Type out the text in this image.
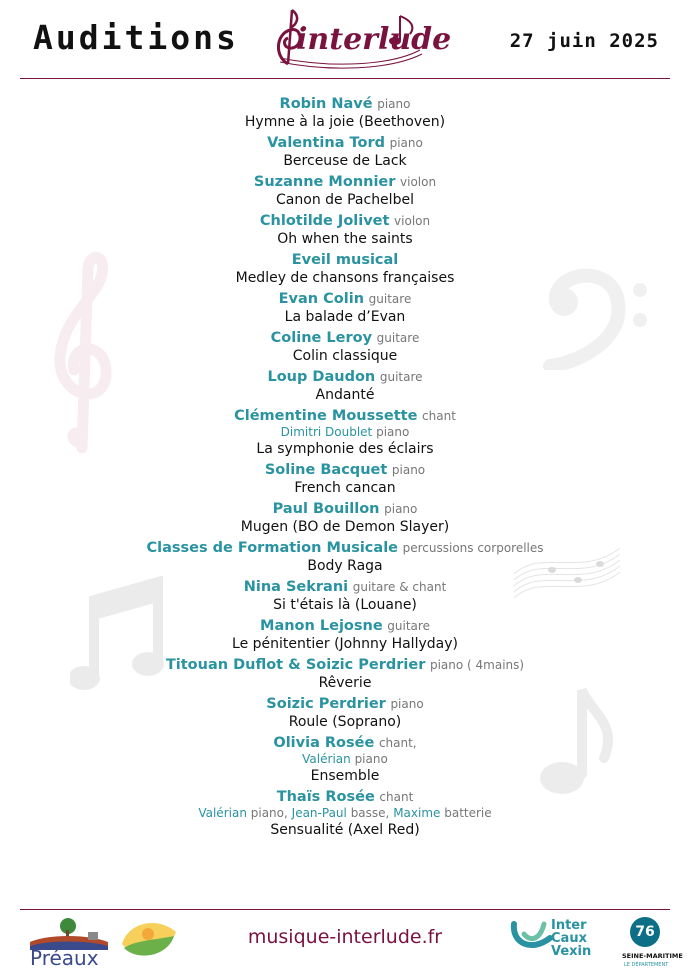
Auditions interlude	27 juin 2025
Robin Navé piano
Hymne à la joie (Beethoven)
Valentina Tord piano
Berceuse de Lack
Suzanne Monnier violon
Canon de Pachelbel
Chlotilde Jolivet violon
Oh when the saints
Eveil musical
Medley de chansons françaises
Evan Colin guitare
La balade d’Evan
Coline Leroy guitare
Colin classique
Loup Daudon guitare
Andanté
Clémentine Moussette chant
Dimitri Doublet piano
La symphonie des éclairs
Soline Bacquet piano
French cancan
Paul Bouillon piano
Mugen (BO de Demon Slayer)
Classes de Formation Musicale percussions corporelles
Body Raga
Nina Sekrani guitare & chant
Si t'étais là (Louane)
Manon Lejosne guitare
Le pénitentier (Johnny Hallyday)
Titouan Duflot & Soizic Perdrier piano ( 4mains)
Rêverie
Soizic Perdrier piano
Roule (Soprano)
Olivia Rosée chant,
Valérian piano
Ensemble
Thaïs Rosée chant
Valérian piano, Jean-Paul basse, Maxime batterie
Sensualité (Axel Red)
Préaux
musique-interlude.fr
Inter
Caux
Vexin
76
SEINE-MARITIME
LE DÉPARTEMENT
